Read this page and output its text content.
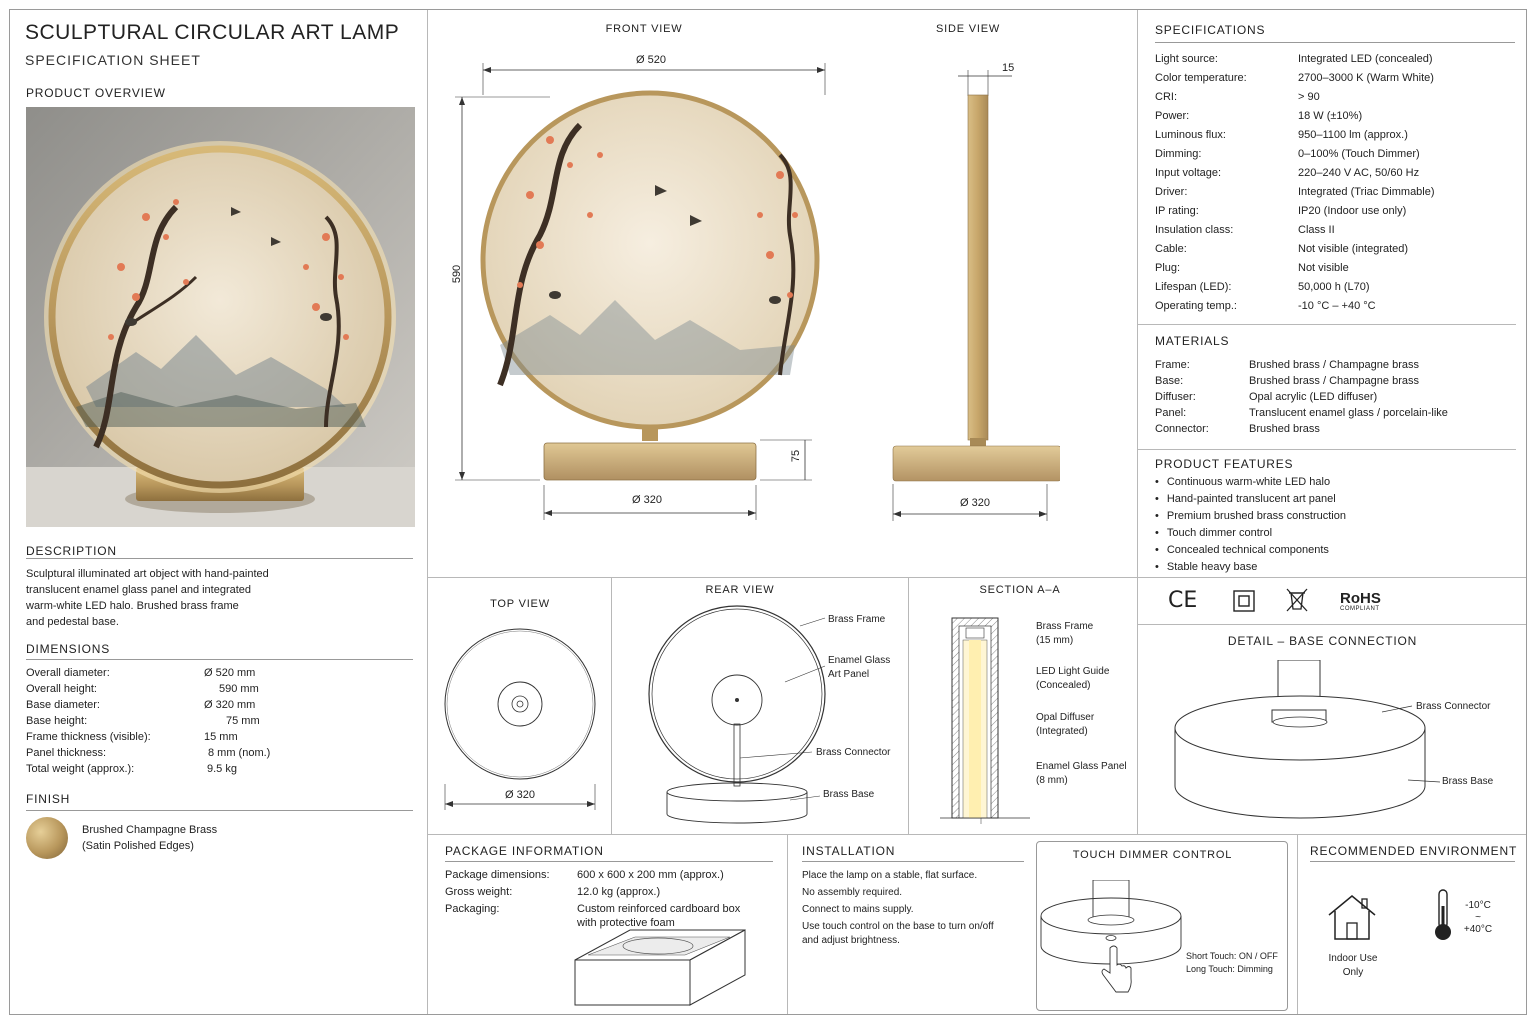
SCULPTURAL CIRCULAR ART LAMP
SPECIFICATION SHEET
PRODUCT OVERVIEW
DESCRIPTION
Sculptural illuminated art object with hand-painted
translucent enamel glass panel and integrated
warm-white LED halo. Brushed brass frame
and pedestal base.
DIMENSIONS
Overall diameter:	Ø 520 mm
Overall height:	590 mm
Base diameter:	Ø 320 mm
Base height:	75 mm
Frame thickness (visible):	15 mm
Panel thickness:	8 mm (nom.)
Total weight (approx.):	9.5 kg
FINISH
Brushed Champagne Brass
(Satin Polished Edges)
FRONT VIEW
Ø 520
590
75
Ø 320
SIDE VIEW
15
Ø 320
SPECIFICATIONS
Light source:	Integrated LED (concealed)
Color temperature:	2700–3000 K (Warm White)
CRI:	> 90
Power:	18 W (±10%)
Luminous flux:	950–1100 lm (approx.)
Dimming:	0–100% (Touch Dimmer)
Input voltage:	220–240 V AC, 50/60 Hz
Driver:	Integrated (Triac Dimmable)
IP rating:	IP20 (Indoor use only)
Insulation class:	Class II
Cable:	Not visible (integrated)
Plug:	Not visible
Lifespan (LED):	50,000 h (L70)
Operating temp.:	-10 °C – +40 °C
MATERIALS
Frame:	Brushed brass / Champagne brass
Base:	Brushed brass / Champagne brass
Diffuser:	Opal acrylic (LED diffuser)
Panel:	Translucent enamel glass / porcelain-like
Connector:	Brushed brass
PRODUCT FEATURES
• Continuous warm-white LED halo
• Hand-painted translucent art panel
• Premium brushed brass construction
• Touch dimmer control
• Concealed technical components
• Stable heavy base
CE	RoHS
COMPLIANT
DETAIL – BASE CONNECTION
Brass Connector
Brass Base
TOP VIEW
Ø 320
REAR VIEW
Brass Frame
Enamel Glass
Art Panel
Brass Connector
Brass Base
SECTION A–A
Brass Frame
(15 mm)
LED Light Guide
(Concealed)
Opal Diffuser
(Integrated)
Enamel Glass Panel
(8 mm)
PACKAGE INFORMATION
Package dimensions:	600 x 600 x 200 mm (approx.)
Gross weight:	12.0 kg (approx.)
Packaging:	Custom reinforced cardboard box
with protective foam
INSTALLATION
Place the lamp on a stable, flat surface.
No assembly required.
Connect to mains supply.
Use touch control on the base to turn on/off
and adjust brightness.
TOUCH DIMMER CONTROL
Short Touch: ON / OFF
Long Touch: Dimming
RECOMMENDED ENVIRONMENT
Indoor Use
Only
-10°C
~
+40°C
